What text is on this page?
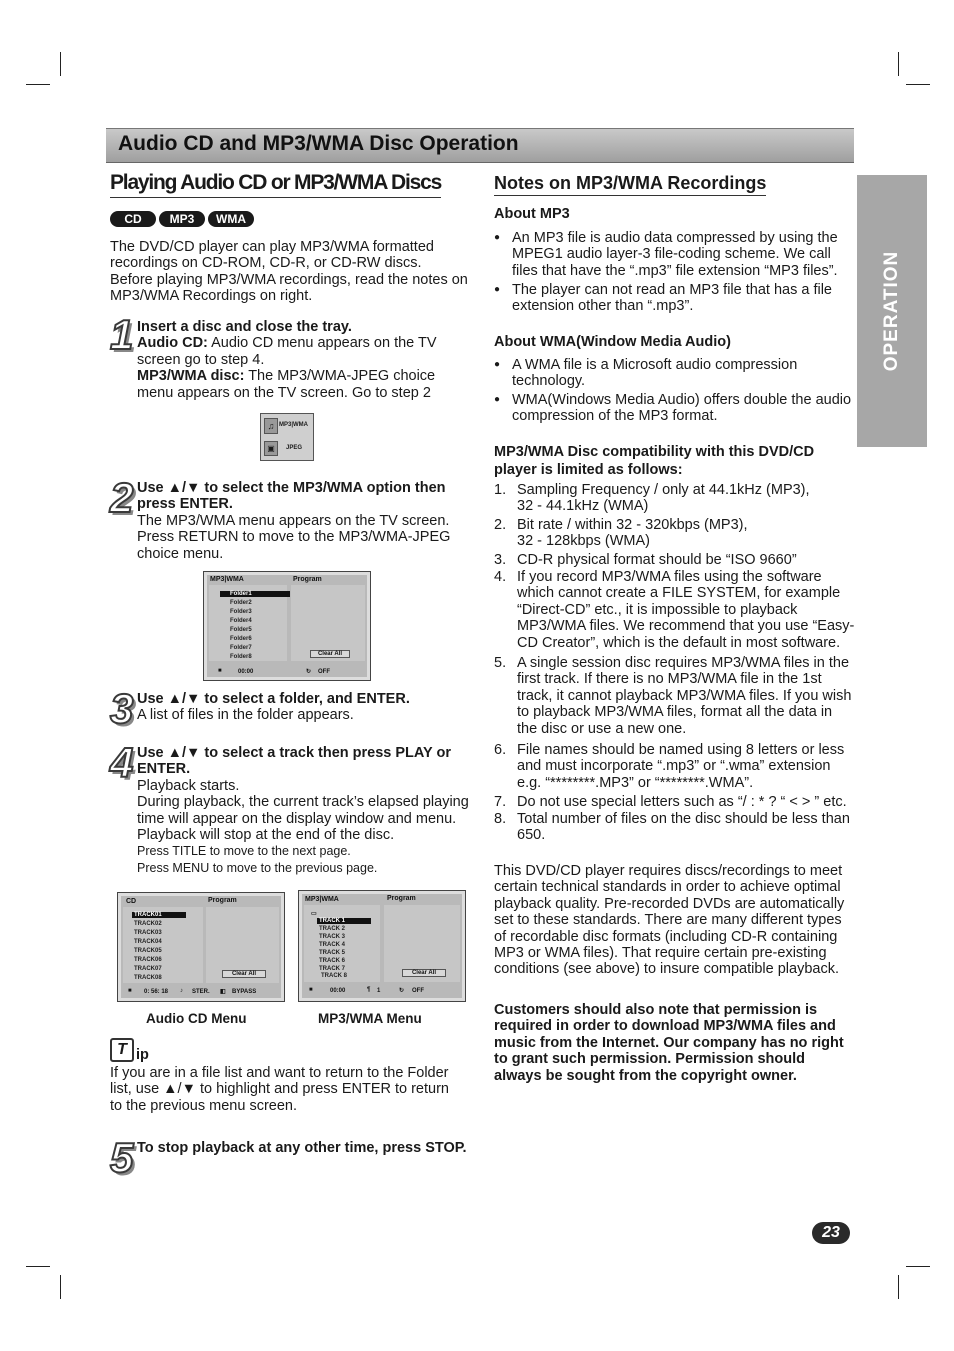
Audio CD and MP3/WMA Disc Operation
OPERATION
Playing Audio CD or MP3/WMA Discs
CD	MP3	WMA
The DVD/CD player can play MP3/WMA formatted
recordings on CD-ROM, CD-R, or CD-RW discs.
Before playing MP3/WMA recordings, read the notes on
MP3/WMA Recordings on right.
1 Insert a disc and close the tray.
Audio CD: Audio CD menu appears on the TV screen go to step 4.
MP3/WMA disc: The MP3/WMA-JPEG choice menu appears on the TV screen. Go to step 2
♫ MP3|WMA
▣	JPEG
2 Use ▲/▼ to select the MP3/WMA option then press ENTER.
The MP3/WMA menu appears on the TV screen. Press RETURN to move to the MP3/WMA-JPEG choice menu.
MP3|WMA	Program
Folder1
Folder2
Folder3
Folder4
Folder5
Folder6
Folder7
Folder8	Clear All
■	00:00	↻ OFF
3 Use ▲/▼ to select a folder, and ENTER.
A list of files in the folder appears.
4 Use ▲/▼ to select a track then press PLAY or ENTER.
Playback starts.
During playback, the current track’s elapsed playing time will appear on the display window and menu. Playback will stop at the end of the disc.
Press TITLE to move to the next page.
Press MENU to move to the previous page.
CD	Program
TRACK01
TRACK02
TRACK03
TRACK04
TRACK05
TRACK06
TRACK07
TRACK08
Clear All
■ 0: 56: 18 ♪ STER. ◧ BYPASS
MP3|WMA	Program
▭
TRACK 1
TRACK 2
TRACK 3
TRACK 4
TRACK 5
TRACK 6
TRACK 7
TRACK 8	Clear All
■	00:00	¶ 1	↻ OFF
Audio CD Menu	MP3/WMA Menu
T ip
If you are in a file list and want to return to the Folder list, use ▲/▼ to highlight and press ENTER to return to the previous menu screen.
5 To stop playback at any other time, press STOP.
Notes on MP3/WMA Recordings
About MP3
● An MP3 file is audio data compressed by using the MPEG1 audio layer-3 file-coding scheme. We call files that have the “.mp3” file extension “MP3 files”.
● The player can not read an MP3 file that has a file extension other than “.mp3”.
About WMA(Window Media Audio)
● A WMA file is a Microsoft audio compression technology.
● WMA(Windows Media Audio) offers double the audio compression of the MP3 format.
MP3/WMA Disc compatibility with this DVD/CD
player is limited as follows:
1. Sampling Frequency / only at 44.1kHz (MP3), 32 - 44.1kHz (WMA)
2. Bit rate / within 32 - 320kbps (MP3), 32 - 128kbps (WMA)
3. CD-R physical format should be “ISO 9660”
4. If you record MP3/WMA files using the software which cannot create a FILE SYSTEM, for example “Direct-CD” etc., it is impossible to playback MP3/WMA files. We recommend that you use “Easy-CD Creator”, which is the default in most software.
5. A single session disc requires MP3/WMA files in the first track. If there is no MP3/WMA file in the 1st track, it cannot playback MP3/WMA files. If you wish to playback MP3/WMA files, format all the data in the disc or use a new one.
6. File names should be named using 8 letters or less and must incorporate “.mp3” or “.wma” extension e.g. “********.MP3” or “********.WMA”.
7. Do not use special letters such as “/ : * ? “ < > ” etc.
8. Total number of files on the disc should be less than 650.
This DVD/CD player requires discs/recordings to meet certain technical standards in order to achieve optimal playback quality. Pre-recorded DVDs are automatically set to these standards. There are many different types of recordable disc formats (including CD-R containing MP3 or WMA files). That require certain pre-existing conditions (see above) to insure compatible playback.
Customers should also note that permission is required in order to download MP3/WMA files and music from the Internet. Our company has no right to grant such permission. Permission should always be sought from the copyright owner.
23
